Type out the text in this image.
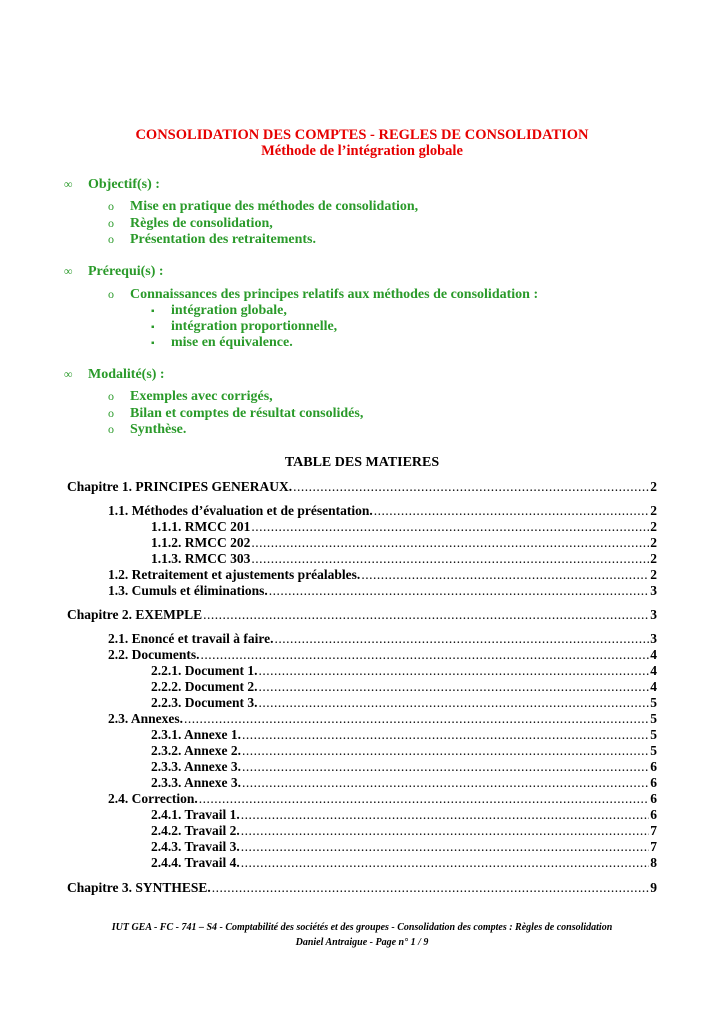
CONSOLIDATION DES COMPTES - REGLES DE CONSOLIDATION
Méthode de l’intégration globale
∞ Objectif(s) :
o Mise en pratique des méthodes de consolidation,
o Règles de consolidation,
o Présentation des retraitements.
∞ Prérequi(s) :
o Connaissances des principes relatifs aux méthodes de consolidation :
▪ intégration globale,
▪ intégration proportionnelle,
▪ mise en équivalence.
∞ Modalité(s) :
o Exemples avec corrigés,
o Bilan et comptes de résultat consolidés,
o Synthèse.
TABLE DES MATIERES
Chapitre 1. PRINCIPES GENERAUX. .....	2
1.1. Méthodes d’évaluation et de présentation. .....	2
1.1.1. RMCC 201 .....	2
1.1.2. RMCC 202 .....	2
1.1.3. RMCC 303 .....	2
1.2. Retraitement et ajustements préalables. .....	2
1.3. Cumuls et éliminations. .....	3
Chapitre 2. EXEMPLE .....	3
2.1. Enoncé et travail à faire. .....	3
2.2. Documents. .....	4
2.2.1. Document 1. .....	4
2.2.2. Document 2. .....	4
2.2.3. Document 3. .....	5
2.3. Annexes. .....	5
2.3.1. Annexe 1. .....	5
2.3.2. Annexe 2. .....	5
2.3.3. Annexe 3. .....	6
2.3.3. Annexe 3. .....	6
2.4. Correction. .....	6
2.4.1. Travail 1. .....	6
2.4.2. Travail 2. .....	7
2.4.3. Travail 3. .....	7
2.4.4. Travail 4. .....	8
Chapitre 3. SYNTHESE. .....	9
IUT GEA - FC - 741 – S4 - Comptabilité des sociétés et des groupes - Consolidation des comptes : Règles de consolidation
Daniel Antraigue - Page n° 1 / 9
